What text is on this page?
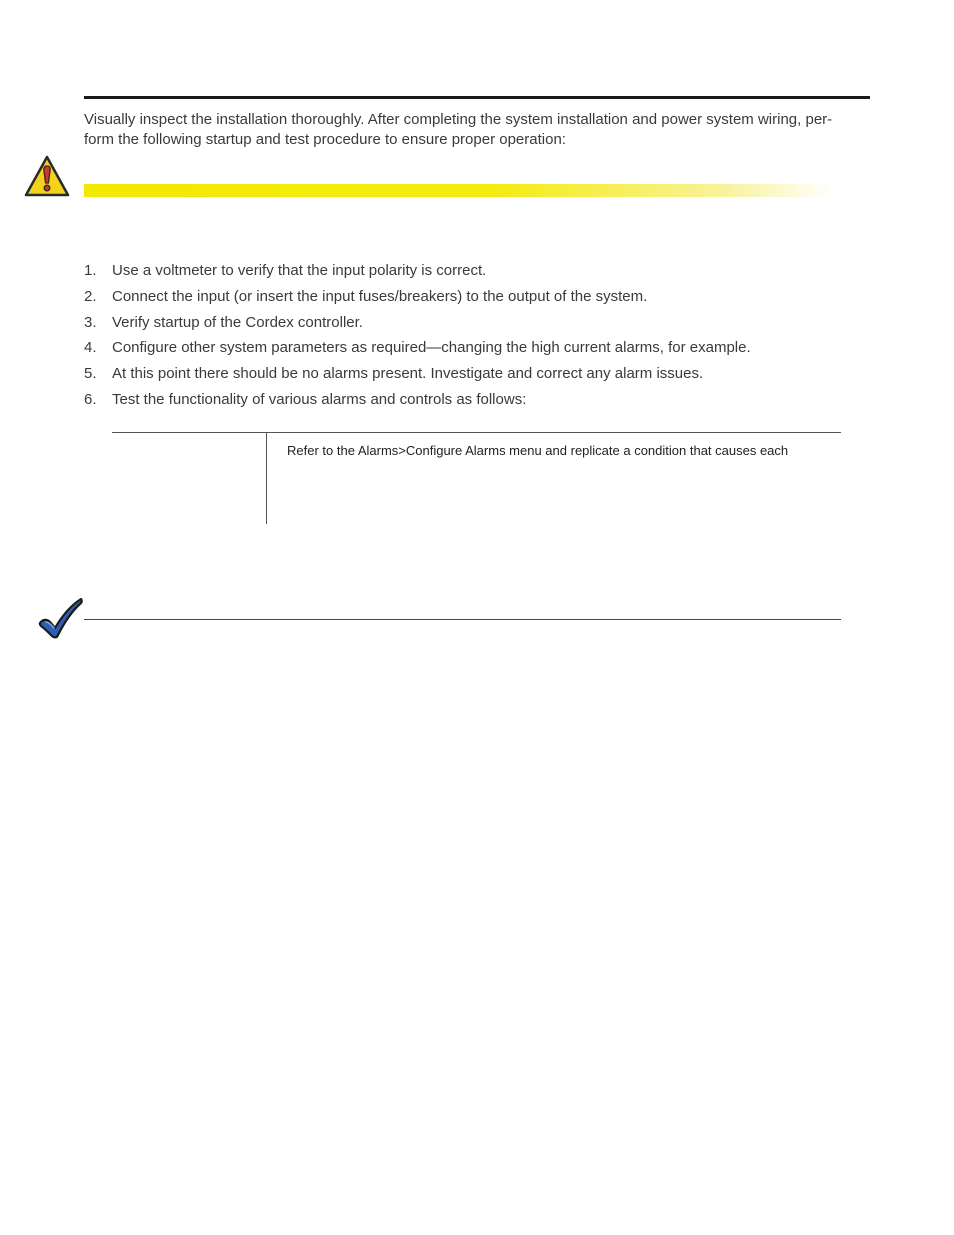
Visually inspect the installation thoroughly. After completing the system installation and power system wiring, per-
form the following startup and test procedure to ensure proper operation:

1. Use a voltmeter to verify that the input polarity is correct.
2. Connect the input (or insert the input fuses/breakers) to the output of the system.
3. Verify startup of the Cordex controller.
4. Configure other system parameters as required—changing the high current alarms, for example.
5. At this point there should be no alarms present. Investigate and correct any alarm issues.
6. Test the functionality of various alarms and controls as follows:
Refer to the Alarms>Configure Alarms menu and replicate a condition that causes each
